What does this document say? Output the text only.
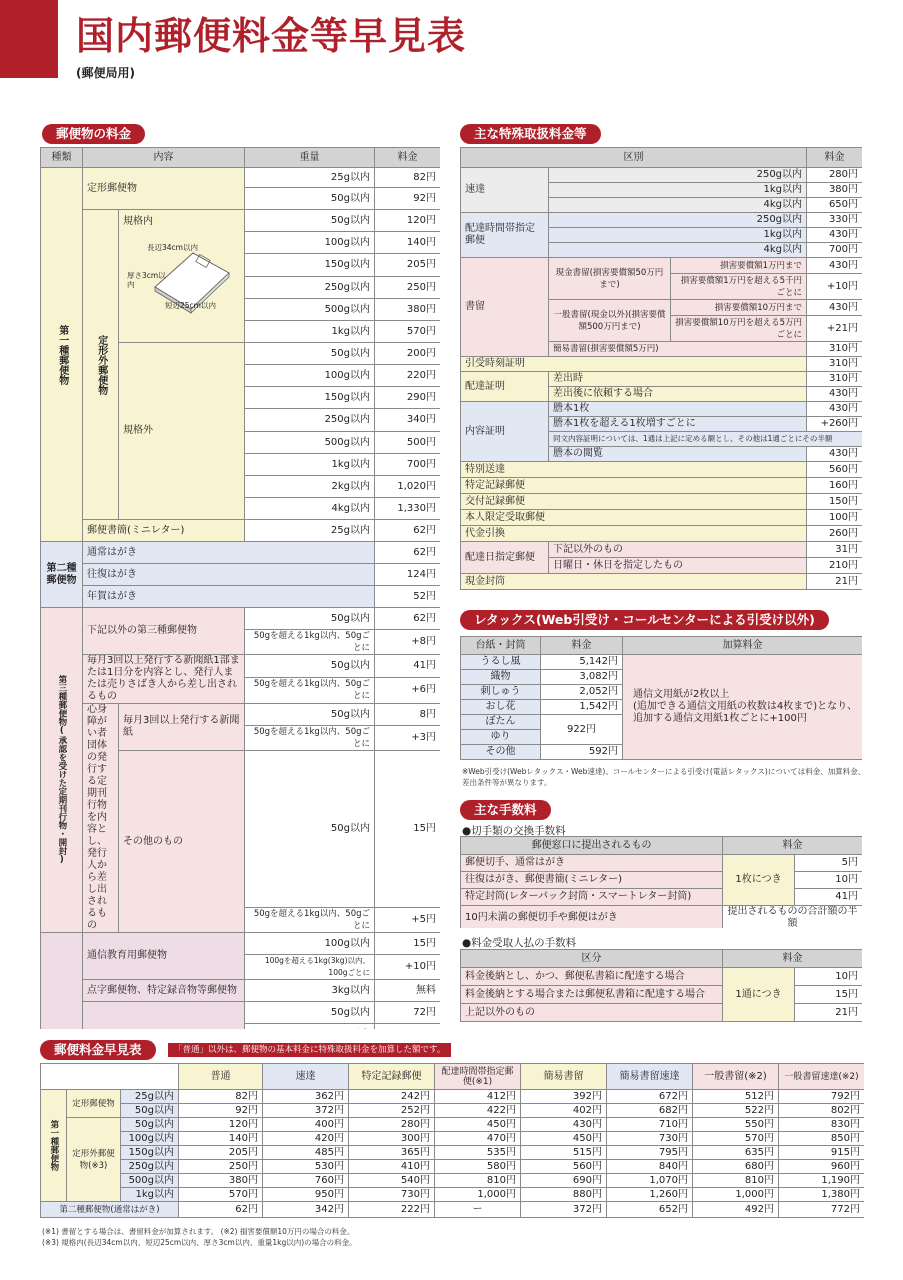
国内郵便料金等早見表
(郵便局用)
郵便物の料金
種類	内容		重量	料金

第一種郵便物	定形郵便物		25g以内	82円
			50g以内	92円

	定形外郵便物	規格内	50g以内	120円
			100g以内	140円
			150g以内	205円
			250g以内	250円
			500g以内	380円
			1kg以内	570円
		規格外	50g以内	200円
			100g以内	220円
			150g以内	290円
			250g以内	340円
			500g以内	500円
			1kg以内	700円
			2kg以内	1,020円
			4kg以内	1,330円
	郵便書簡(ミニレター)		25g以内	62円
第二種郵便物	通常はがき			62円
	往復はがき			124円
	年賀はがき			52円

第三種郵便物(承認を受けた定期刊行物・開封)	下記以外の第三種郵便物		50g以内	62円
			50gを超える1kg以内、50gごとに	+8円
	毎月3回以上発行する新聞紙1部または1日分を内容とし、発行人または売りさばき人から差し出されるもの		50g以内	41円
			50gを超える1kg以内、50gごとに	+6円
	心身障がい者団体の発行する定期刊行物を内容とし、発行人から差し出されるもの	毎月3回以上発行する新聞紙	50g以内	8円
			50gを超える1kg以内、50gごとに	+3円
		その他のもの	50g以内	15円
			50gを超える1kg以内、50gごとに	+5円

	通信教育用郵便物		100g以内	15円
			100gを超える1kg(3kg)以内、100gごとに	+10円
	点字郵便物、特定録音物等郵便物		3kg以内	無料
	50g以内	72円

長辺34cm以内
厚さ3cm以内
短辺25cm以内
主な特殊取扱料金等
区別			料金
速達	250g以内		280円
	1kg以内		380円
	4kg以内		650円
配達時間帯指定郵便	250g以内		330円
	1kg以内		430円
	4kg以内		700円
書留	現金書留(損害要償額50万円まで)	損害要償額1万円まで	430円
		損害要償額1万円を超える5千円ごとに	+10円
	一般書留(現金以外)(損害要償額500万円まで)	損害要償額10万円まで	430円
		損害要償額10万円を超える5万円ごとに	+21円
	簡易書留(損害要償額5万円)		310円
引受時刻証明			310円
配達証明	差出時		310円
	差出後に依頼する場合		430円
内容証明	謄本1枚		430円
	謄本1枚を超える1枚増すごとに		+260円
	同文内容証明については、1通は上記に定める額とし、その他は1通ごとにその半額		
	謄本の閲覧		430円
特別送達			560円
特定記録郵便			160円
交付記録郵便			150円
本人限定受取郵便			100円
代金引換			260円
配達日指定郵便	下記以外のもの		31円
	日曜日・休日を指定したもの		210円
現金封筒			21円
レタックス(Web引受け・コールセンターによる引受け以外)
台紙・封筒	料金	加算料金
うるし風	5,142円	通信文用紙が2枚以上
(追加できる通信文用紙の枚数は4枚まで)となり、
追加する通信文用紙1枚ごとに+100円

織物	3,082円	
刺しゅう	2,052円	
おし花	1,542円	
ぼたん	922円	
ゆり		
その他	592円	
※Web引受け(Webレタックス・Web速達)、コールセンターによる引受け(電話レタックス)については料金、加算料金、
差出条件等が異なります。
主な手数料
●切手類の交換手数料
郵便窓口に提出されるもの	料金	
郵便切手、通常はがき	1枚につき	5円
往復はがき、郵便書簡(ミニレター)		10円
特定封筒(レターパック封筒・スマートレター封筒)		41円
10円未満の郵便切手や郵便はがき	提出されるものの合計額の半額	
●料金受取人払の手数料
区分	料金	
料金後納とし、かつ、郵便私書箱に配達する場合	1通につき	10円
料金後納とする場合または郵便私書箱に配達する場合		15円
上記以外のもの		21円
郵便料金早見表	「普通」以外は、郵便物の基本料金に特殊取扱料金を加算した額です。
			普通	速達	特定記録郵便	配達時間帯指定郵便(※1)	簡易書留	簡易書留速達	一般書留(※2)	一般書留速達(※2)

第一種郵便物	定形郵便物	25g以内	82円	362円	242円	412円	392円	672円	512円	792円
		50g以内	92円	372円	252円	422円	402円	682円	522円	802円
	定形外郵便物(※3)	50g以内	120円	400円	280円	450円	430円	710円	550円	830円
		100g以内	140円	420円	300円	470円	450円	730円	570円	850円
		150g以内	205円	485円	365円	535円	515円	795円	635円	915円
		250g以内	250円	530円	410円	580円	560円	840円	680円	960円
		500g以内	380円	760円	540円	810円	690円	1,070円	810円	1,190円
		1kg以内	570円	950円	730円	1,000円	880円	1,260円	1,000円	1,380円
第二種郵便物(通常はがき)			62円	342円	222円	ー	372円	652円	492円	772円
(※1) 書留とする場合は、書留料金が加算されます。 (※2) 損害要償額10万円の場合の料金。
(※3) 規格内(長辺34cm以内、短辺25cm以内、厚さ3cm以内、重量1kg以内)の場合の料金。
